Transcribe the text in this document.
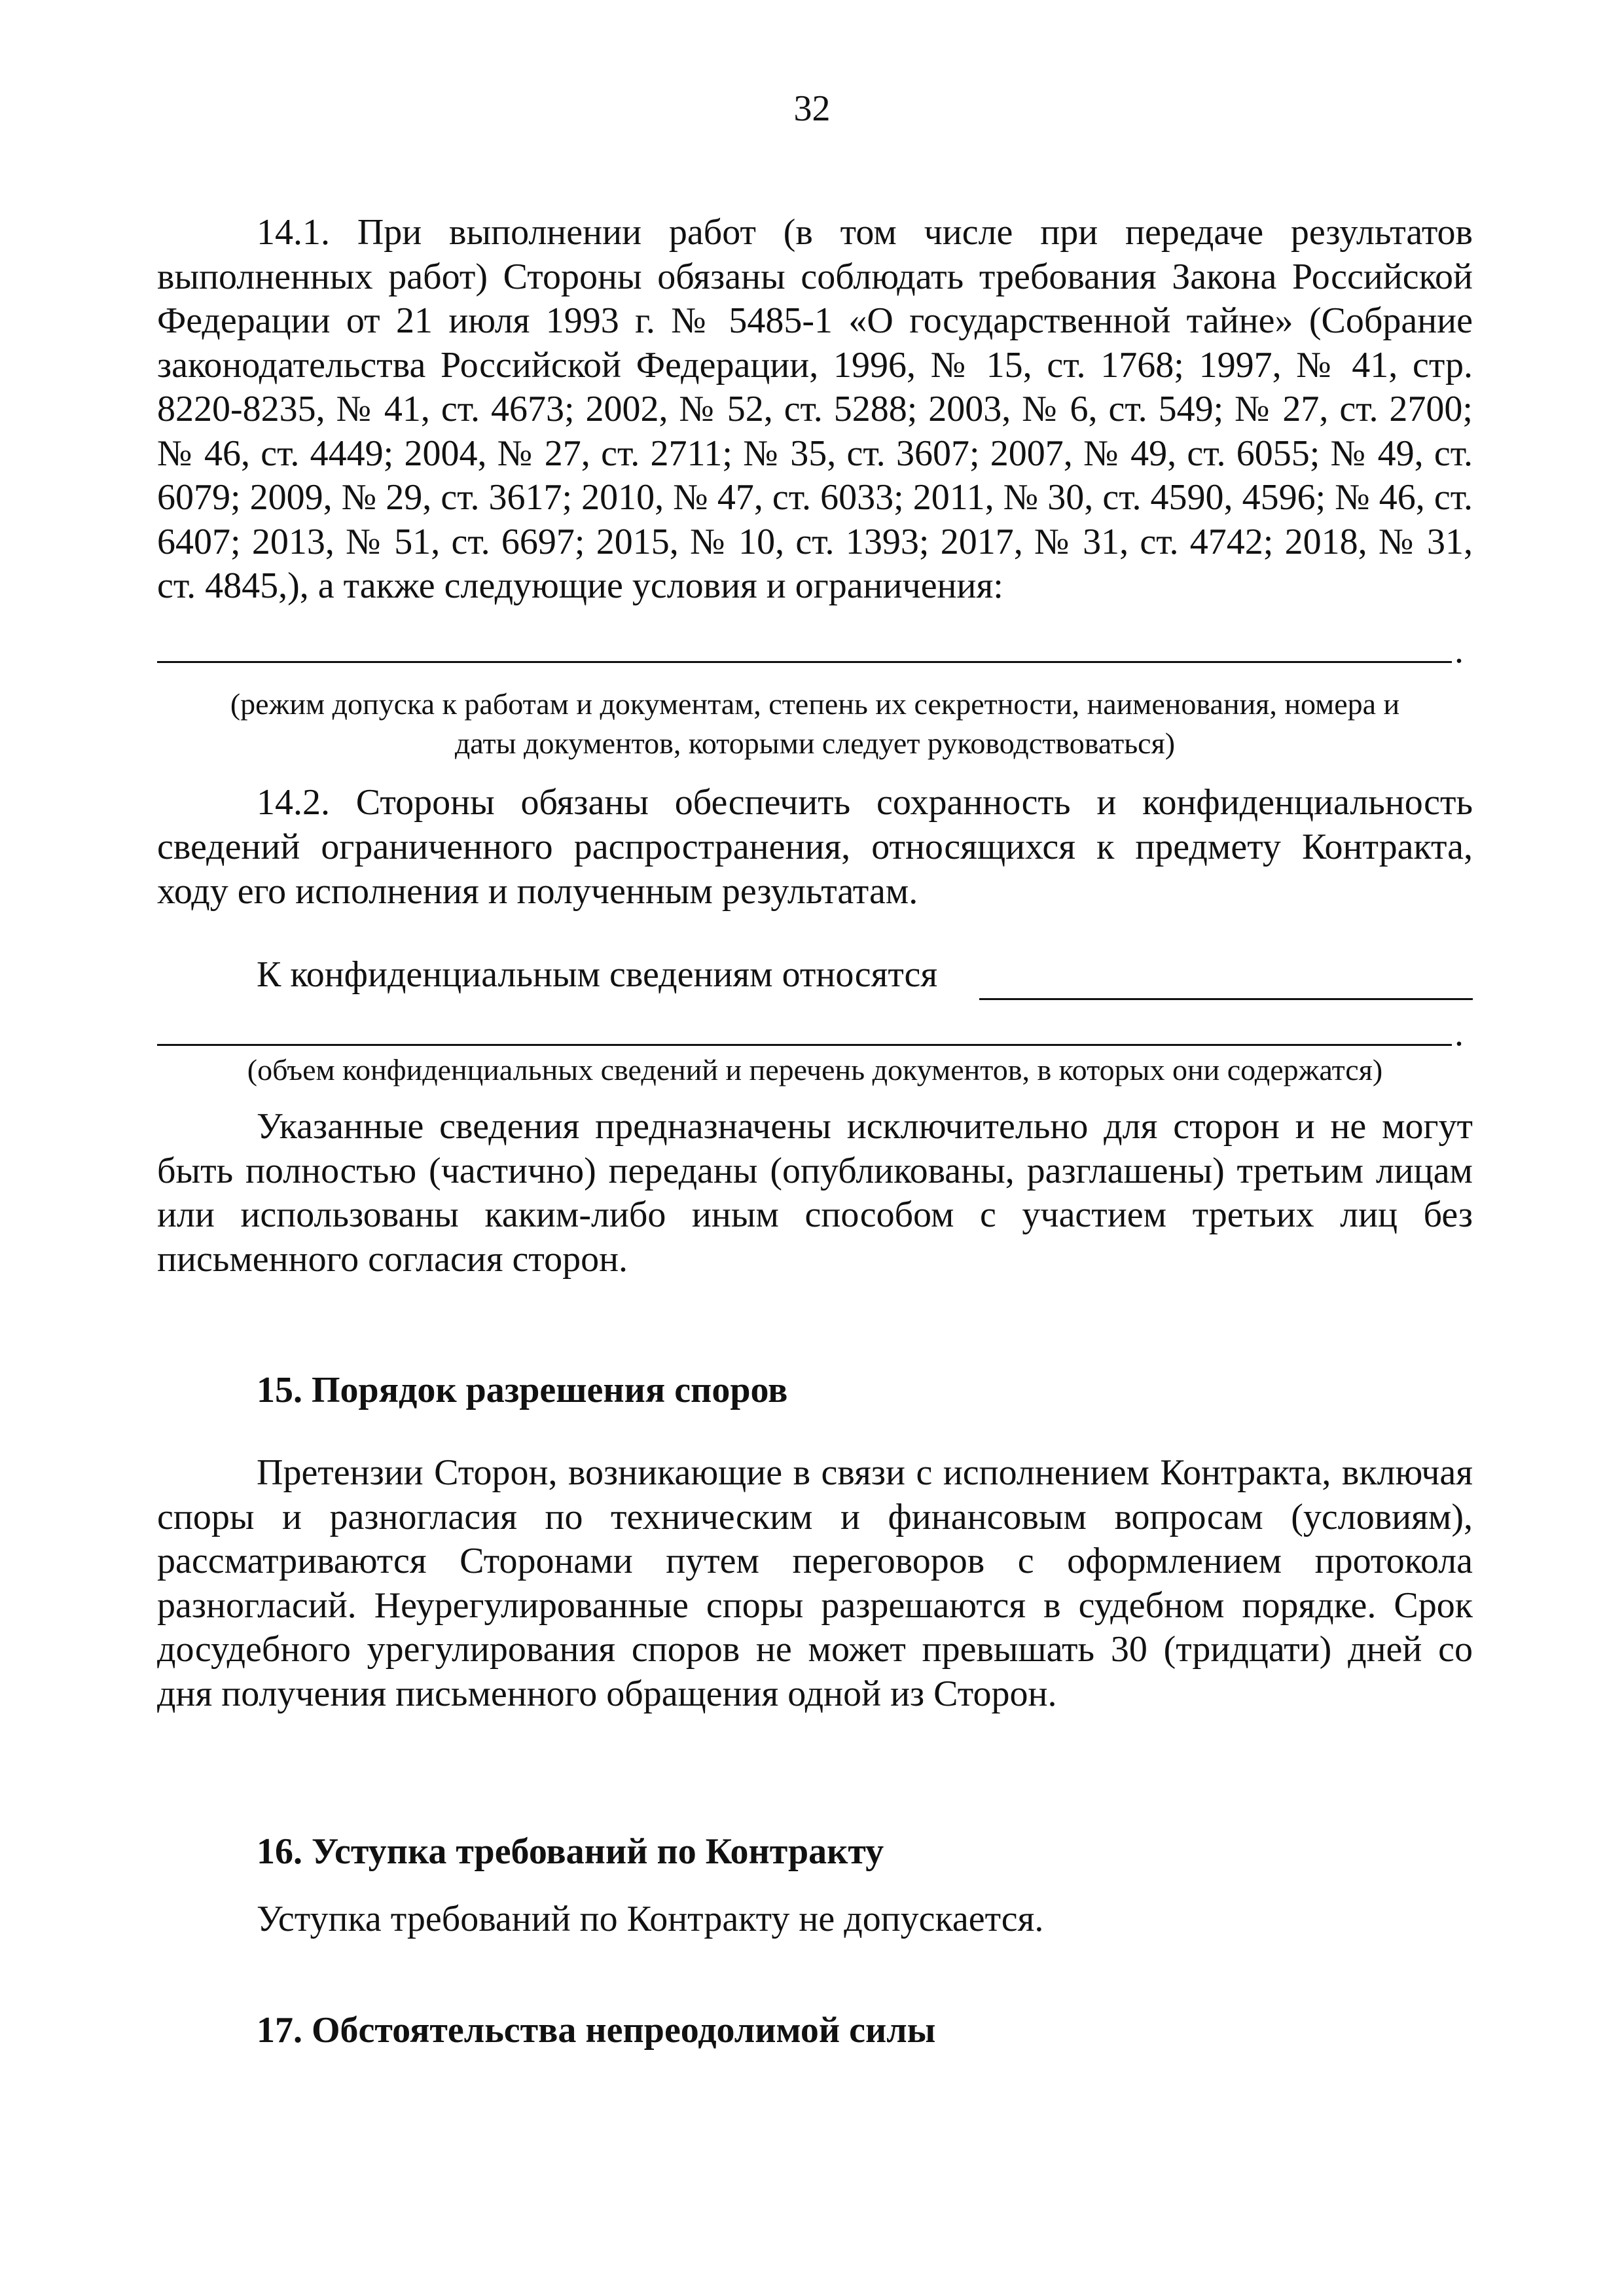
32

14.1. При выполнении работ (в том числе при передаче результатов выполненных работ) Стороны обязаны соблюдать требования Закона Российской Федерации от 21 июля 1993 г. № 5485-1 «О государственной тайне» (Собрание законодательства Российской Федерации, 1996, № 15, ст. 1768; 1997, № 41, стр. 8220-8235, № 41, ст. 4673; 2002, № 52, ст. 5288; 2003, № 6, ст. 549; № 27, ст. 2700; № 46, ст. 4449; 2004, № 27, ст. 2711; № 35, ст. 3607; 2007, № 49, ст. 6055; № 49, ст. 6079; 2009, № 29, ст. 3617; 2010, № 47, ст. 6033; 2011, № 30, ст. 4590, 4596; № 46, ст. 6407; 2013, № 51, ст. 6697; 2015, № 10, ст. 1393; 2017, № 31, ст. 4742; 2018, № 31, ст. 4845,), а также следующие условия и ограничения:

.
(режим допуска к работам и документам, степень их секретности, наименования, номера и
даты документов, которыми следует руководствоваться)

14.2. Стороны обязаны обеспечить сохранность и конфиденциальность сведений ограниченного распространения, относящихся к предмету Контракта, ходу его исполнения и полученным результатам.

К конфиденциальным сведениям относятся
.
(объем конфиденциальных сведений и перечень документов, в которых они содержатся)

Указанные сведения предназначены исключительно для сторон и не могут быть полностью (частично) переданы (опубликованы, разглашены) третьим лицам или использованы каким-либо иным способом с участием третьих лиц без письменного согласия сторон.

15. Порядок разрешения споров

Претензии Сторон, возникающие в связи с исполнением Контракта, включая споры и разногласия по техническим и финансовым вопросам (условиям), рассматриваются Сторонами путем переговоров с оформлением протокола разногласий. Неурегулированные споры разрешаются в судебном порядке. Срок досудебного урегулирования споров не может превышать 30 (тридцати) дней со дня получения письменного обращения одной из Сторон.

16. Уступка требований по Контракту

Уступка требований по Контракту не допускается.

17. Обстоятельства непреодолимой силы
